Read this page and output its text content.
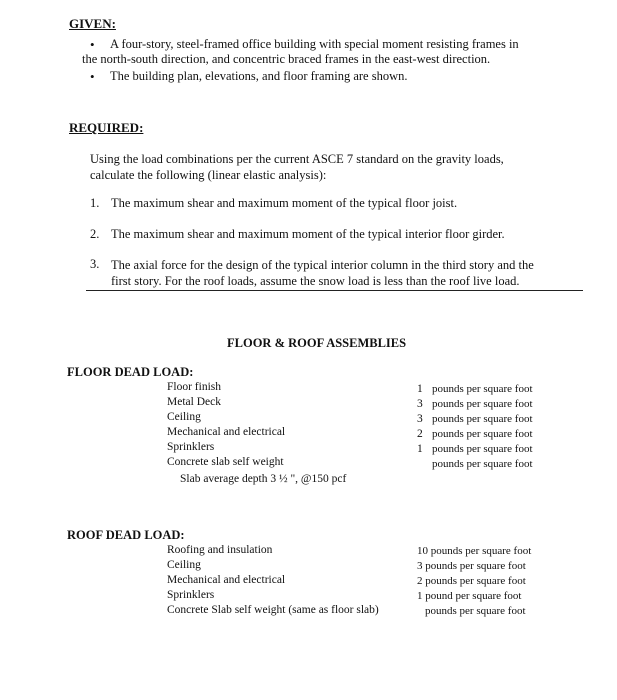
GIVEN:
• A four-story, steel-framed office building with special moment resisting frames in
the north-south direction, and concentric braced frames in the east-west direction.
• The building plan, elevations, and floor framing are shown.
REQUIRED:
Using the load combinations per the current ASCE 7 standard on the gravity loads,
calculate the following (linear elastic analysis):
1. The maximum shear and maximum moment of the typical floor joist.
2. The maximum shear and maximum moment of the typical interior floor girder.
3. The axial force for the design of the typical interior column in the third story and the
first story. For the roof loads, assume the snow load is less than the roof live load.
FLOOR & ROOF ASSEMBLIES
FLOOR DEAD LOAD:
Floor finish
Metal Deck
Ceiling
Mechanical and electrical
Sprinklers
Concrete slab self weight
Slab average depth 3 ½ ", @150 pcf
1
3
3
2
1
pounds per square foot
pounds per square foot
pounds per square foot
pounds per square foot
pounds per square foot
pounds per square foot
ROOF DEAD LOAD:
Roofing and insulation
Ceiling
Mechanical and electrical
Sprinklers
Concrete Slab self weight (same as floor slab)
10 pounds per square foot
3 pounds per square foot
2 pounds per square foot
1 pound per square foot
pounds per square foot
